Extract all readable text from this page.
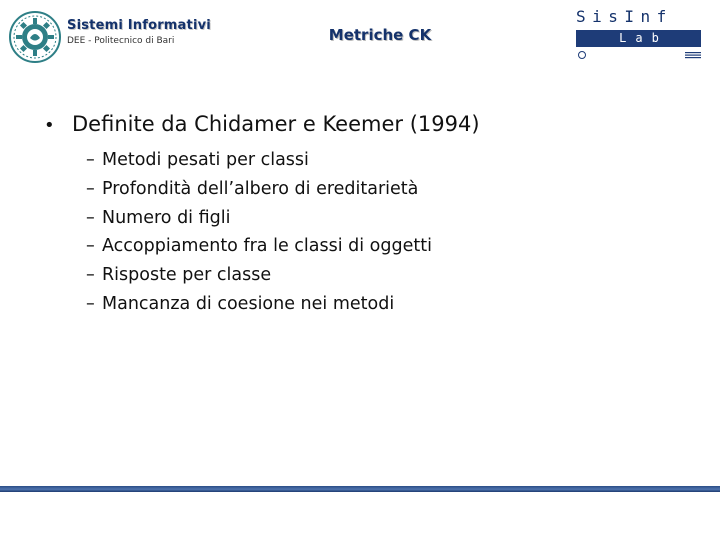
Sistemi Informativi
DEE - Politecnico di Bari	Metriche CK
SisInf
Lab
• Definite da Chidamer e Keemer (1994)
– Metodi pesati per classi
– Profondità dell’albero di ereditarietà
– Numero di figli
– Accoppiamento fra le classi di oggetti
– Risposte per classe
– Mancanza di coesione nei metodi
